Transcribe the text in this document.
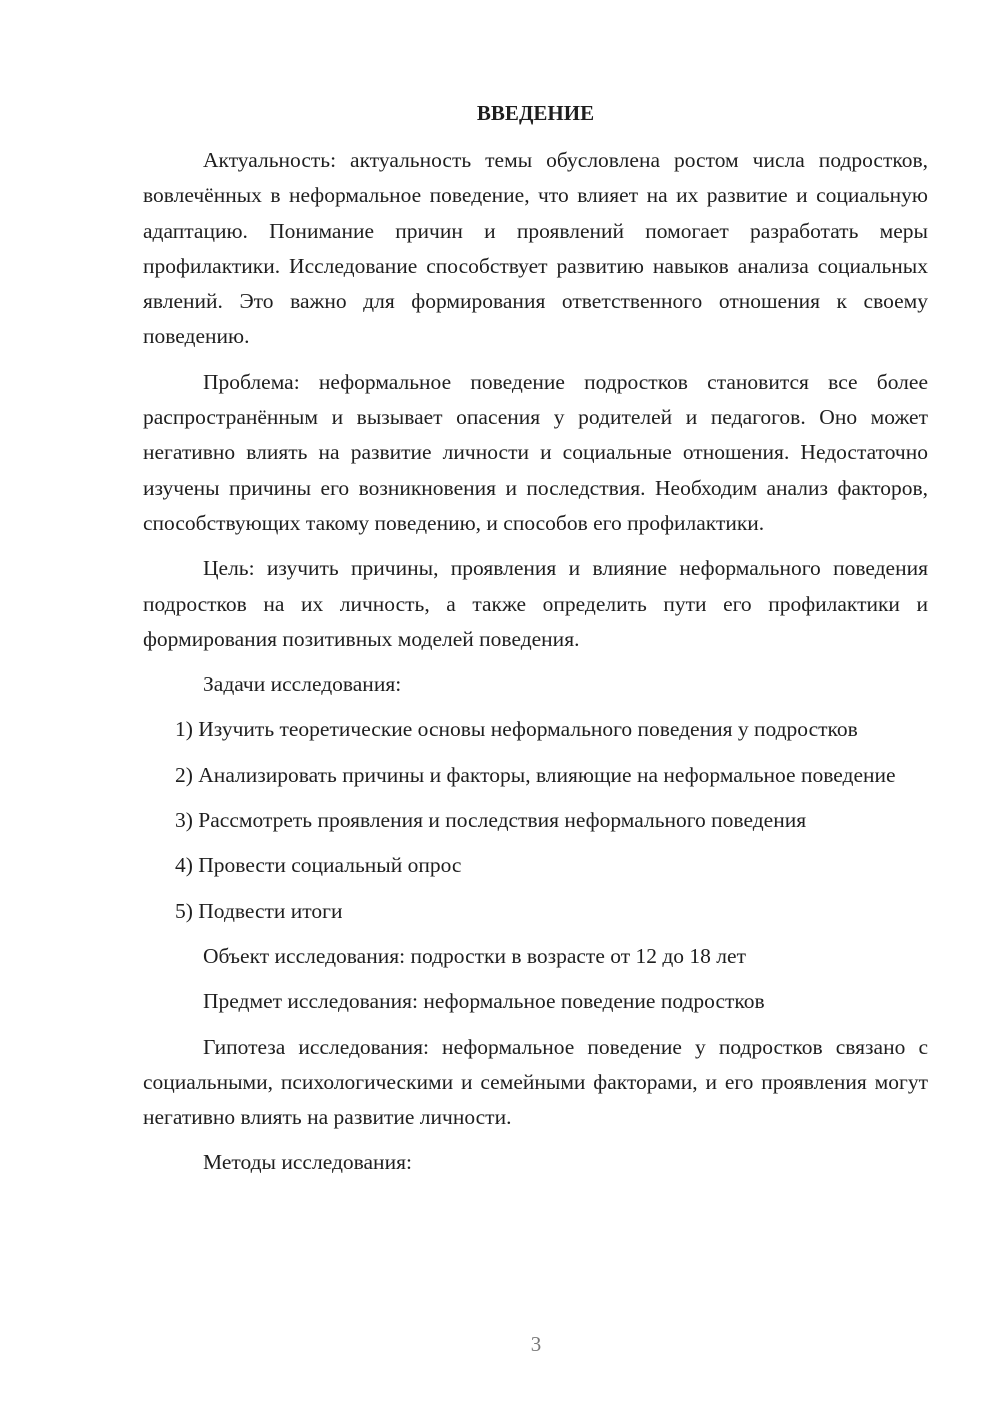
ВВЕДЕНИЕ

Актуальность: актуальность темы обусловлена ростом числа подростков, вовлечённых в неформальное поведение, что влияет на их развитие и социальную адаптацию. Понимание причин и проявлений помогает разработать меры профилактики. Исследование способствует развитию навыков анализа социальных явлений. Это важно для формирования ответственного отношения к своему поведению.

Проблема: неформальное поведение подростков становится все более распространённым и вызывает опасения у родителей и педагогов. Оно может негативно влиять на развитие личности и социальные отношения. Недостаточно изучены причины его возникновения и последствия. Необходим анализ факторов, способствующих такому поведению, и способов его профилактики.

Цель: изучить причины, проявления и влияние неформального поведения подростков на их личность, а также определить пути его профилактики и формирования позитивных моделей поведения.

Задачи исследования:

1) Изучить теоретические основы неформального поведения у подростков

2) Анализировать причины и факторы, влияющие на неформальное поведение

3) Рассмотреть проявления и последствия неформального поведения

4) Провести социальный опрос

5) Подвести итоги

Объект исследования: подростки в возрасте от 12 до 18 лет

Предмет исследования: неформальное поведение подростков

Гипотеза исследования: неформальное поведение у подростков связано с социальными, психологическими и семейными факторами, и его проявления могут негативно влиять на развитие личности.

Методы исследования:

3
